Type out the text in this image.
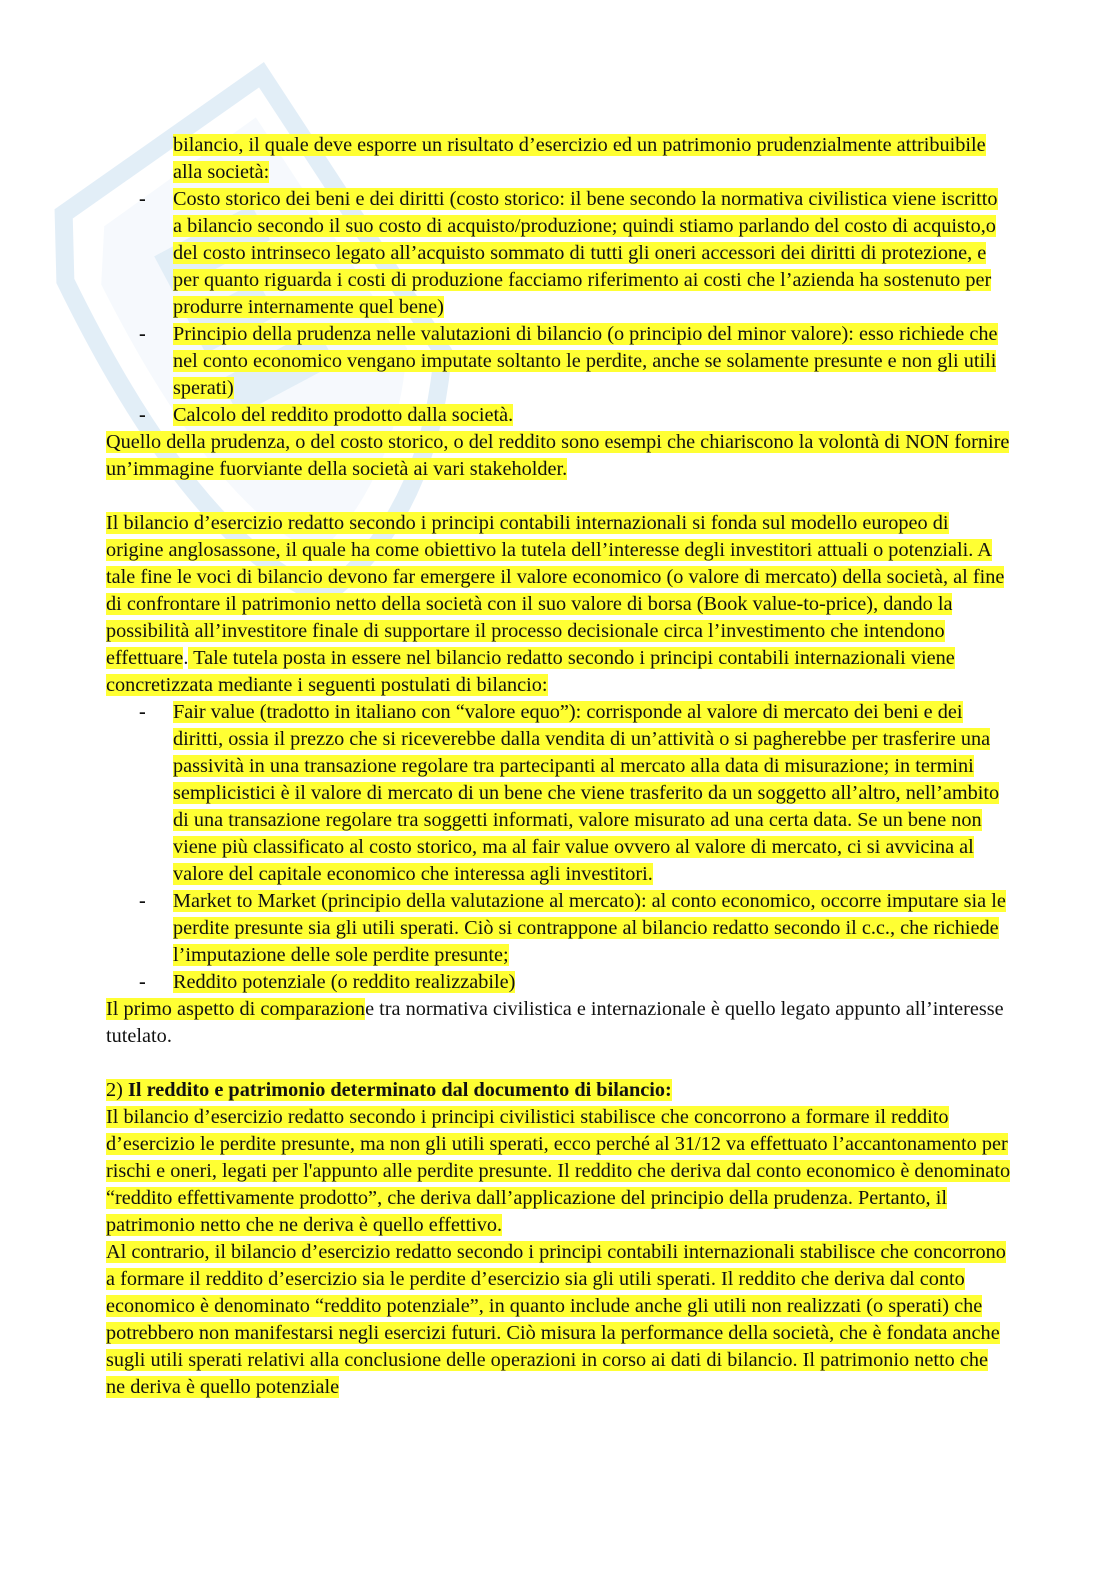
bilancio, il quale deve esporre un risultato d’esercizio ed un patrimonio prudenzialmente attribuibile alla società:

- Costo storico dei beni e dei diritti (costo storico: il bene secondo la normativa civilistica viene iscritto a bilancio secondo il suo costo di acquisto/produzione; quindi stiamo parlando del costo di acquisto,o del costo intrinseco legato all’acquisto sommato di tutti gli oneri accessori dei diritti di protezione, e per quanto riguarda i costi di produzione facciamo riferimento ai costi che l’azienda ha sostenuto per produrre internamente quel bene)
- Principio della prudenza nelle valutazioni di bilancio (o principio del minor valore): esso richiede che nel conto economico vengano imputate soltanto le perdite, anche se solamente presunte e non gli utili sperati)
- Calcolo del reddito prodotto dalla società.

Quello della prudenza, o del costo storico, o del reddito sono esempi che chiariscono la volontà di NON fornire un’immagine fuorviante della società ai vari stakeholder.

Il bilancio d’esercizio redatto secondo i principi contabili internazionali si fonda sul modello europeo di origine anglosassone, il quale ha come obiettivo la tutela dell’interesse degli investitori attuali o potenziali. A tale fine le voci di bilancio devono far emergere il valore economico (o valore di mercato) della società, al fine di confrontare il patrimonio netto della società con il suo valore di borsa (Book value-to-price), dando la possibilità all’investitore finale di supportare il processo decisionale circa l’investimento che intendono effettuare. Tale tutela posta in essere nel bilancio redatto secondo i principi contabili internazionali viene concretizzata mediante i seguenti postulati di bilancio:

- Fair value (tradotto in italiano con “valore equo”): corrisponde al valore di mercato dei beni e dei diritti, ossia il prezzo che si riceverebbe dalla vendita di un’attività o si pagherebbe per trasferire una passività in una transazione regolare tra partecipanti al mercato alla data di misurazione; in termini semplicistici è il valore di mercato di un bene che viene trasferito da un soggetto all’altro, nell’ambito di una transazione regolare tra soggetti informati, valore misurato ad una certa data. Se un bene non viene più classificato al costo storico, ma al fair value ovvero al valore di mercato, ci si avvicina al valore del capitale economico che interessa agli investitori.
- Market to Market (principio della valutazione al mercato): al conto economico, occorre imputare sia le perdite presunte sia gli utili sperati. Ciò si contrappone al bilancio redatto secondo il c.c., che richiede l’imputazione delle sole perdite presunte;
- Reddito potenziale (o reddito realizzabile)

Il primo aspetto di comparazione tra normativa civilistica e internazionale è quello legato appunto all’interesse tutelato.

2) Il reddito e patrimonio determinato dal documento di bilancio:

Il bilancio d’esercizio redatto secondo i principi civilistici stabilisce che concorrono a formare il reddito d’esercizio le perdite presunte, ma non gli utili sperati, ecco perché al 31/12 va effettuato l’accantonamento per rischi e oneri, legati per l'appunto alle perdite presunte. Il reddito che deriva dal conto economico è denominato “reddito effettivamente prodotto”, che deriva dall’applicazione del principio della prudenza. Pertanto, il patrimonio netto che ne deriva è quello effettivo.

Al contrario, il bilancio d’esercizio redatto secondo i principi contabili internazionali stabilisce che concorrono a formare il reddito d’esercizio sia le perdite d’esercizio sia gli utili sperati. Il reddito che deriva dal conto economico è denominato “reddito potenziale”, in quanto include anche gli utili non realizzati (o sperati) che potrebbero non manifestarsi negli esercizi futuri. Ciò misura la performance della società, che è fondata anche sugli utili sperati relativi alla conclusione delle operazioni in corso ai dati di bilancio. Il patrimonio netto che ne deriva è quello potenziale
